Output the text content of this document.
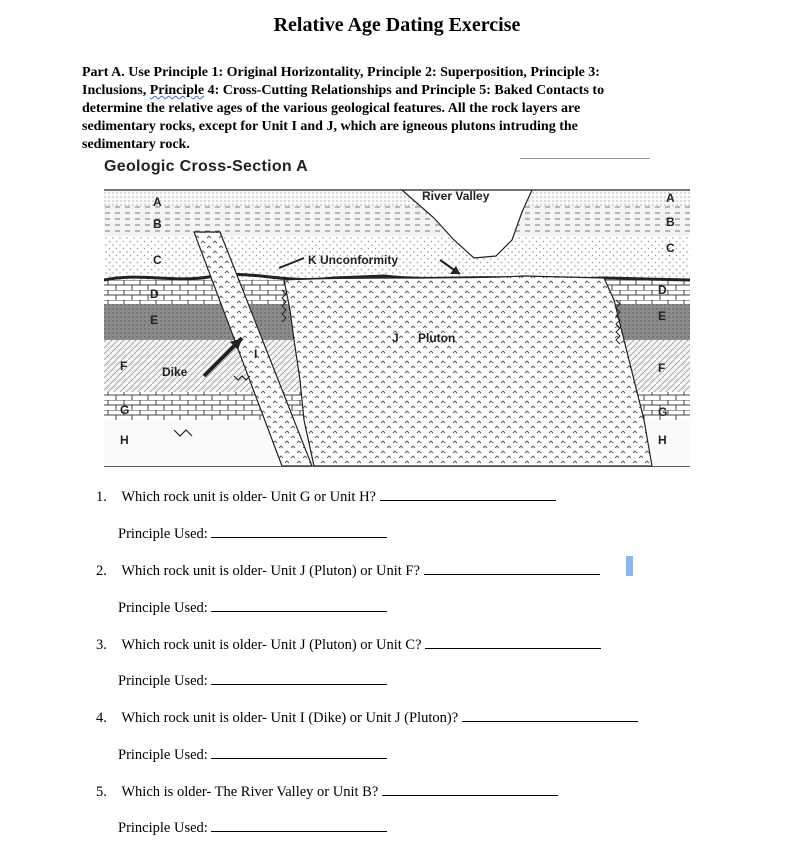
Relative Age Dating Exercise
Part A. Use Principle 1: Original Horizontality, Principle 2: Superposition, Principle 3:
Inclusions, Principle 4: Cross-Cutting Relationships and Principle 5: Baked Contacts to
determine the relative ages of the various geological features. All the rock layers are
sedimentary rocks, except for Unit I and J, which are igneous plutons intruding the
sedimentary rock.
Geologic Cross-Section A
A
B
C
D
E
F
G
H
A
B
C
D
E
F
G
H
River Valley
K Unconformity
J Pluton
Dike
I
1. Which rock unit is older- Unit G or Unit H?
Principle Used:
2. Which rock unit is older- Unit J (Pluton) or Unit F?
Principle Used:
3. Which rock unit is older- Unit J (Pluton) or Unit C?
Principle Used:
4. Which rock unit is older- Unit I (Dike) or Unit J (Pluton)?
Principle Used:
5. Which is older- The River Valley or Unit B?
Principle Used:
